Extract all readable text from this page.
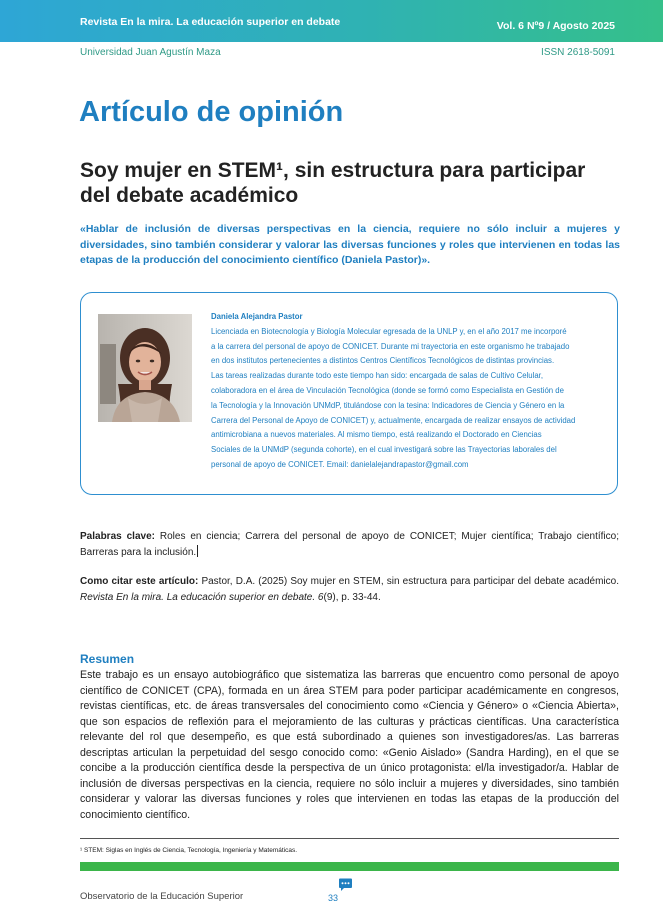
Revista En la mira. La educación superior en debate	Vol. 6 Nº9 / Agosto 2025
Universidad Juan Agustín Maza	ISSN 2618-5091
Artículo de opinión
Soy mujer en STEM¹, sin estructura para participar del debate académico
«Hablar de inclusión de diversas perspectivas en la ciencia, requiere no sólo incluir a mujeres y diversidades, sino también considerar y valorar las diversas funciones y roles que intervienen en todas las etapas de la producción del conocimiento científico (Daniela Pastor)».
Daniela Alejandra Pastor
Licenciada en Biotecnología y Biología Molecular egresada de la UNLP y, en el año 2017 me incorporé
a la carrera del personal de apoyo de CONICET. Durante mi trayectoria en este organismo he trabajado
en dos institutos pertenecientes a distintos Centros Científicos Tecnológicos de distintas provincias.
Las tareas realizadas durante todo este tiempo han sido: encargada de salas de Cultivo Celular,
colaboradora en el área de Vinculación Tecnológica (donde se formó como Especialista en Gestión de
la Tecnología y la Innovación UNMdP, titulándose con la tesina: Indicadores de Ciencia y Género en la
Carrera del Personal de Apoyo de CONICET) y, actualmente, encargada de realizar ensayos de actividad
antimicrobiana a nuevos materiales. Al mismo tiempo, está realizando el Doctorado en Ciencias
Sociales de la UNMdP (segunda cohorte), en el cual investigará sobre las Trayectorias laborales del
personal de apoyo de CONICET. Email: danielalejandrapastor@gmail.com
Palabras clave: Roles en ciencia; Carrera del personal de apoyo de CONICET; Mujer científica; Trabajo científico; Barreras para la inclusión.
Como citar este artículo: Pastor, D.A. (2025) Soy mujer en STEM, sin estructura para participar del debate académico. Revista En la mira. La educación superior en debate. 6(9), p. 33-44.
Resumen
Este trabajo es un ensayo autobiográfico que sistematiza las barreras que encuentro como personal de apoyo científico de CONICET (CPA), formada en un área STEM para poder participar académicamente en congresos, revistas científicas, etc. de áreas transversales del conocimiento como «Ciencia y Género» o «Ciencia Abierta», que son espacios de reflexión para el mejoramiento de las culturas y prácticas científicas. Una característica relevante del rol que desempeño, es que está subordinado a quienes son investigadores/as. Las barreras descriptas articulan la perpetuidad del sesgo conocido como: «Genio Aislado» (Sandra Harding), en el que se concibe a la producción científica desde la perspectiva de un único protagonista: el/la investigador/a. Hablar de inclusión de diversas perspectivas en la ciencia, requiere no sólo incluir a mujeres y diversidades, sino también considerar y valorar las diversas funciones y roles que intervienen en todas las etapas de la producción del conocimiento científico.
¹ STEM: Siglas en Inglés de Ciencia, Tecnología, Ingeniería y Matemáticas.
Observatorio de la Educación Superior	33
